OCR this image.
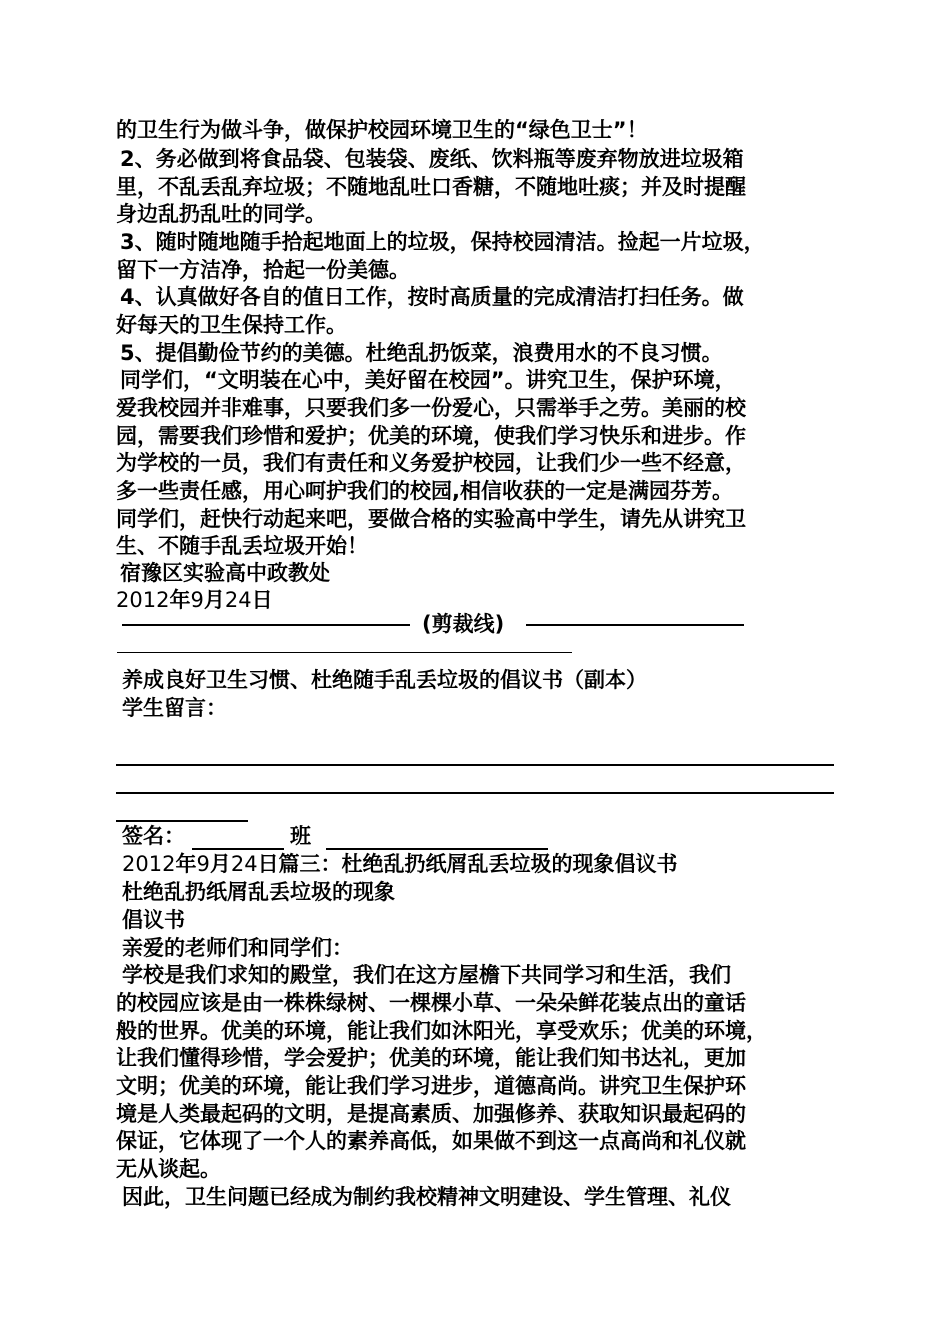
的卫生行为做斗争，做保护校园环境卫生的“绿色卫士”！
2、务必做到将食品袋、包装袋、废纸、饮料瓶等废弃物放进垃圾箱
里，不乱丢乱弃垃圾；不随地乱吐口香糖，不随地吐痰；并及时提醒
身边乱扔乱吐的同学。
3、随时随地随手拾起地面上的垃圾，保持校园清洁。捡起一片垃圾，
留下一方洁净，拾起一份美德。
4、认真做好各自的值日工作，按时高质量的完成清洁打扫任务。做
好每天的卫生保持工作。
5、提倡勤俭节约的美德。杜绝乱扔饭菜，浪费用水的不良习惯。
同学们，“文明装在心中，美好留在校园”。讲究卫生，保护环境，
爱我校园并非难事，只要我们多一份爱心，只需举手之劳。美丽的校
园，需要我们珍惜和爱护；优美的环境，使我们学习快乐和进步。作
为学校的一员，我们有责任和义务爱护校园，让我们少一些不经意，
多一些责任感，用心呵护我们的校园,相信收获的一定是满园芬芳。
同学们，赶快行动起来吧，要做合格的实验高中学生，请先从讲究卫
生、不随手乱丢垃圾开始！
宿豫区实验高中政教处
2012年9月24日
(剪裁线)
养成良好卫生习惯、杜绝随手乱丢垃圾的倡议书（副本）
学生留言：
签名：	班
2012年9月24日篇三：杜绝乱扔纸屑乱丢垃圾的现象倡议书
杜绝乱扔纸屑乱丢垃圾的现象
倡议书
亲爱的老师们和同学们：
学校是我们求知的殿堂，我们在这方屋檐下共同学习和生活，我们
的校园应该是由一株株绿树、一棵棵小草、一朵朵鲜花装点出的童话
般的世界。优美的环境，能让我们如沐阳光，享受欢乐；优美的环境，
让我们懂得珍惜，学会爱护；优美的环境，能让我们知书达礼，更加
文明；优美的环境，能让我们学习进步，道德高尚。讲究卫生保护环
境是人类最起码的文明，是提高素质、加强修养、获取知识最起码的
保证，它体现了一个人的素养高低，如果做不到这一点高尚和礼仪就
无从谈起。
因此，卫生问题已经成为制约我校精神文明建设、学生管理、礼仪
